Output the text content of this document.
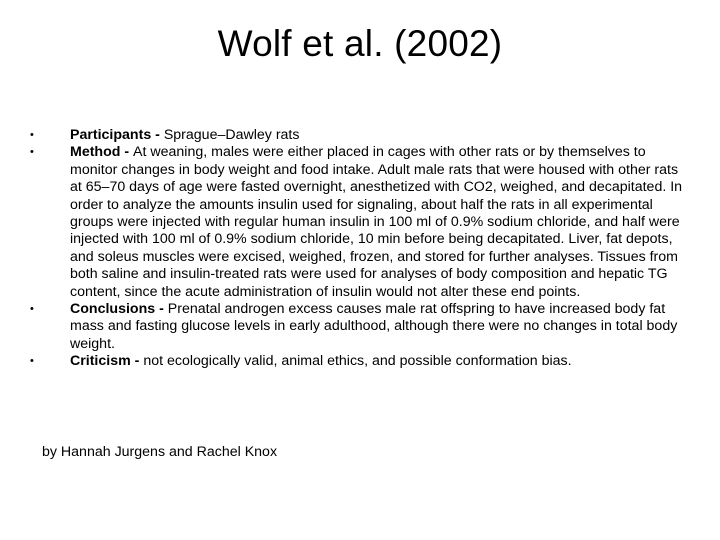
Wolf et al. (2002)
•	Participants - Sprague–Dawley rats
•	Method - At weaning, males were either placed in cages with other rats or by themselves to monitor changes in body weight and food intake. Adult male rats that were housed with other rats at 65–70 days of age were fasted overnight, anesthetized with CO2, weighed, and decapitated. In order to analyze the amounts insulin used for signaling, about half the rats in all experimental groups were injected with regular human insulin in 100 ml of 0.9% sodium chloride, and half were injected with 100 ml of 0.9% sodium chloride, 10 min before being decapitated. Liver, fat depots, and soleus muscles were excised, weighed, frozen, and stored for further analyses. Tissues from both saline and insulin-treated rats were used for analyses of body composition and hepatic TG content, since the acute administration of insulin would not alter these end points.
•	Conclusions - Prenatal androgen excess causes male rat offspring to have increased body fat mass and fasting glucose levels in early adulthood, although there were no changes in total body weight.
•	Criticism - not ecologically valid, animal ethics, and possible conformation bias.
by Hannah Jurgens and Rachel Knox
